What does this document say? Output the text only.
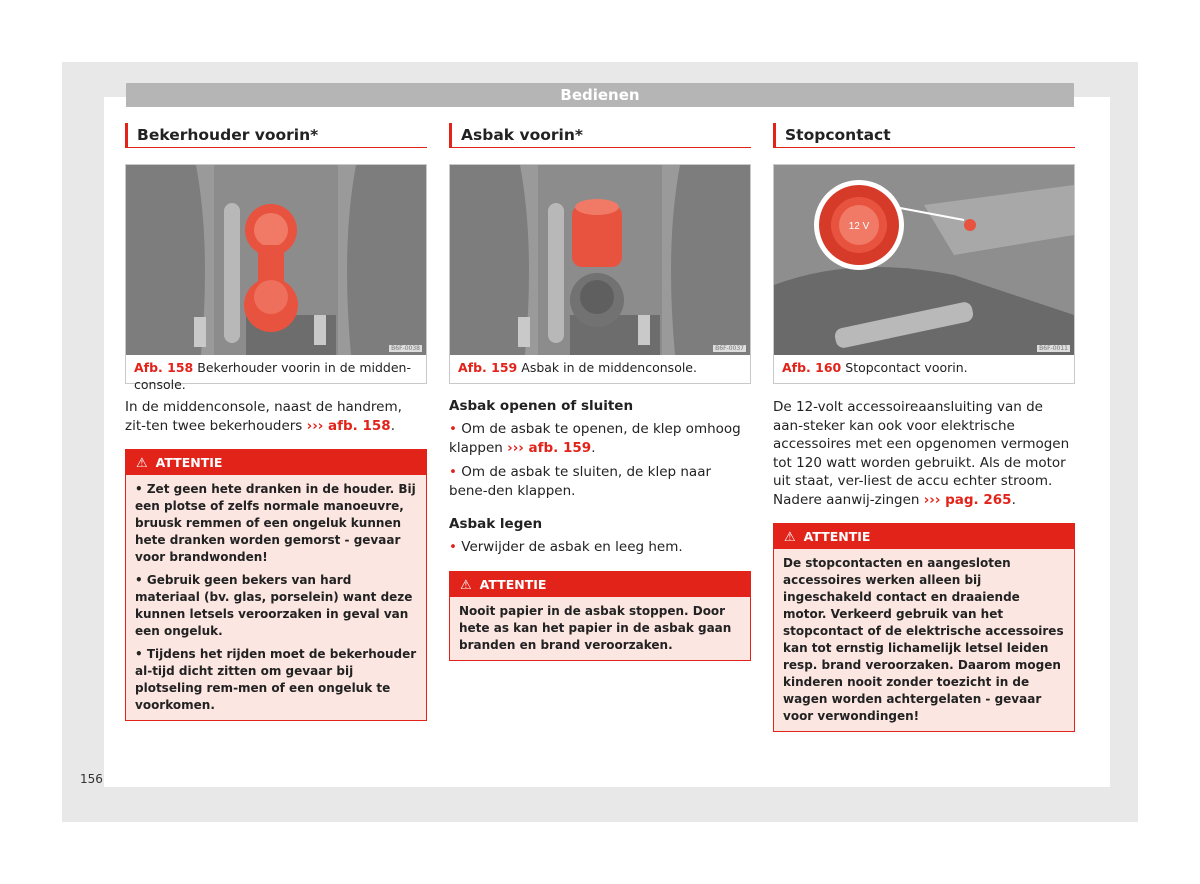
Bedienen
Bekerhouder voorin*
B6F-0038
Afb. 158 Bekerhouder voorin in de midden-
console.
In de middenconsole, naast de handrem, zit-ten twee bekerhouders ››› afb. 158.
⚠ ATTENTIE

• Zet geen hete dranken in de houder. Bij een plotse of zelfs normale manoeuvre, bruusk remmen of een ongeluk kunnen hete dranken worden gemorst - gevaar voor brandwonden!

• Gebruik geen bekers van hard materiaal (bv. glas, porselein) want deze kunnen letsels veroorzaken in geval van een ongeluk.

• Tijdens het rijden moet de bekerhouder al-tijd dicht zitten om gevaar bij plotseling rem-men of een ongeluk te voorkomen.

Asbak voorin*
B6F-0037
Afb. 159 Asbak in de middenconsole.
Asbak openen of sluiten
• Om de asbak te openen, de klep omhoog klappen ››› afb. 159.
• Om de asbak te sluiten, de klep naar bene-den klappen.
Asbak legen
• Verwijder de asbak en leeg hem.
⚠ ATTENTIE

Nooit papier in de asbak stoppen. Door hete as kan het papier in de asbak gaan branden en brand veroorzaken.

Stopcontact
12 V
B6F-0011
Afb. 160 Stopcontact voorin.
De 12-volt accessoireaansluiting van de aan-steker kan ook voor elektrische accessoires met een opgenomen vermogen tot 120 watt worden gebruikt. Als de motor uit staat, ver-liest de accu echter stroom. Nadere aanwij-zingen ››› pag. 265.
⚠ ATTENTIE

De stopcontacten en aangesloten accessoires werken alleen bij ingeschakeld contact en draaiende motor. Verkeerd gebruik van het stopcontact of de elektrische accessoires kan tot ernstig lichamelijk letsel leiden resp. brand veroorzaken. Daarom mogen kinderen nooit zonder toezicht in de wagen worden achtergelaten - gevaar voor verwondingen!

156
